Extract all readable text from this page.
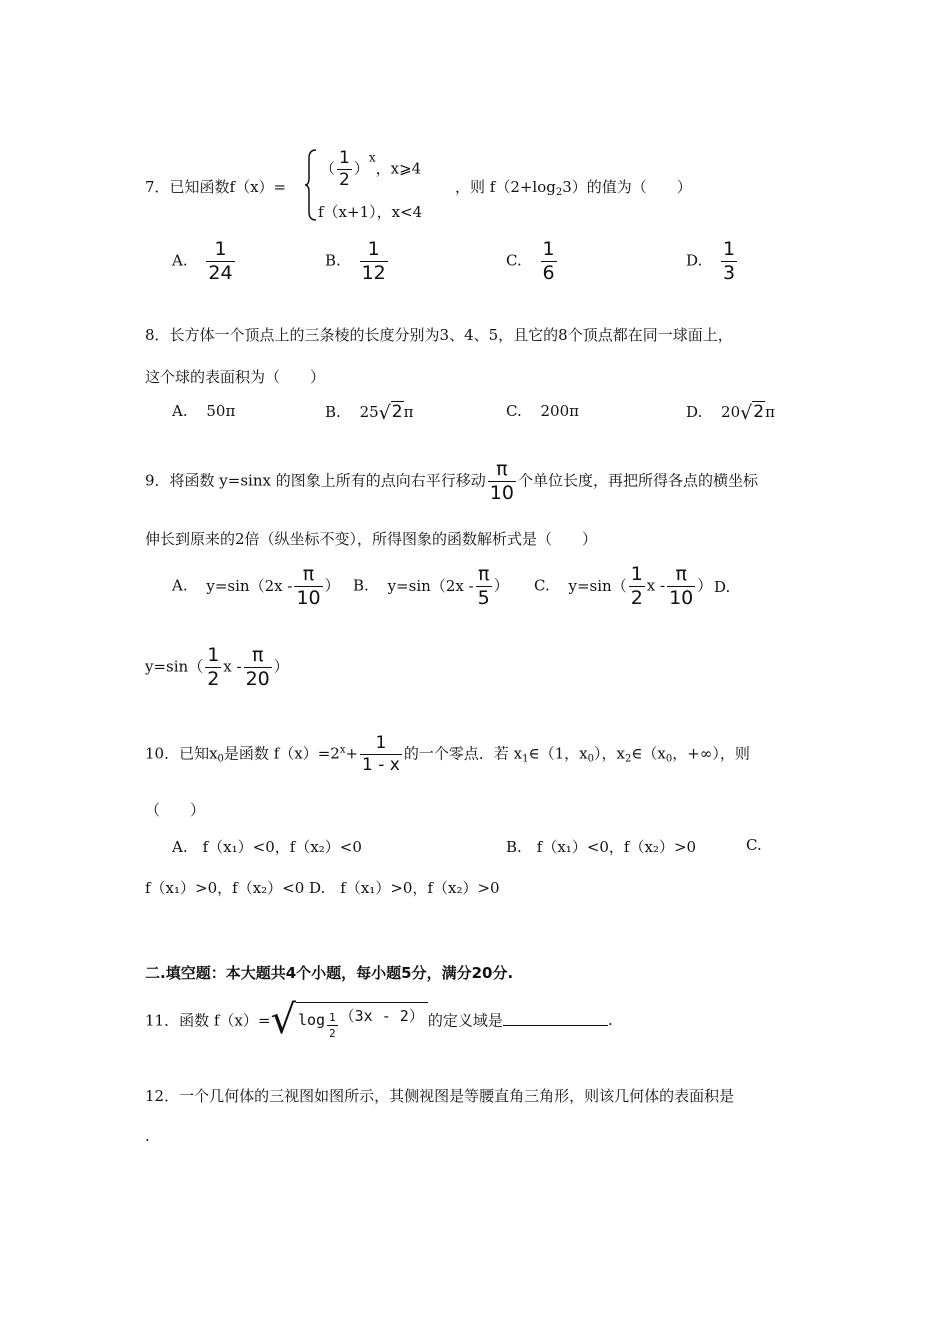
7．已知函数f（x）=
（ $\frac{1}{2} )^x$，x⩾4
f（x+1），x<4
，则 $f(2+\log_23)$的值为（　　）
A. $\frac{1}{24}$	B. $\frac{1}{12}$	C. $\frac{1}{6}$	D. $\frac{1}{3}$
8．长方体一个顶点上的三条棱的长度分别为3、4、5，且它的8个顶点都在同一球面上，
这个球的表面积为（　　）
A. 50π	B. 25√2π	C. 200π	D. 20√2π
9．将函数 y=sinx 的图象上所有的点向右平行移动 $\frac{\pi}{10}$ 个单位长度，再把所得各点的横坐标
伸长到原来的2倍（纵坐标不变），所得图象的函数解析式是（　　）
A. $y=\sin(2x - \frac{\pi}{10}$ ） B. $y=\sin(2x - \frac{\pi}{5}$ ） C. $y=\sin( \frac{1}{2}$ x - $\frac{\pi}{10}$ ） D.
$y=\sin( \frac{1}{2}$ x - $\frac{\pi}{20}$ ）
10．已知$x_0$是函数 $f(x)=2^x+ \frac{1}{1 - x}$ 的一个零点．若 $x_1\in(1$，$x_0$），$x_2\in(x_0$，+∞），则
（　　）
A.　f（x₁）<0，f（x₂）<0	B.　f（x₁）<0，f（x₂）>0	C.
f（x₁）>0，f（x₂）<0 D.　f（x₁）>0，f（x₂）>0
二.填空题：本大题共4个小题，每小题5分，满分20分.
11．函数 f（x）=√ $\log \frac{1}{2} (3x - 2)$ 的定义域是	.
12．一个几何体的三视图如图所示，其侧视图是等腰直角三角形，则该几何体的表面积是
.
